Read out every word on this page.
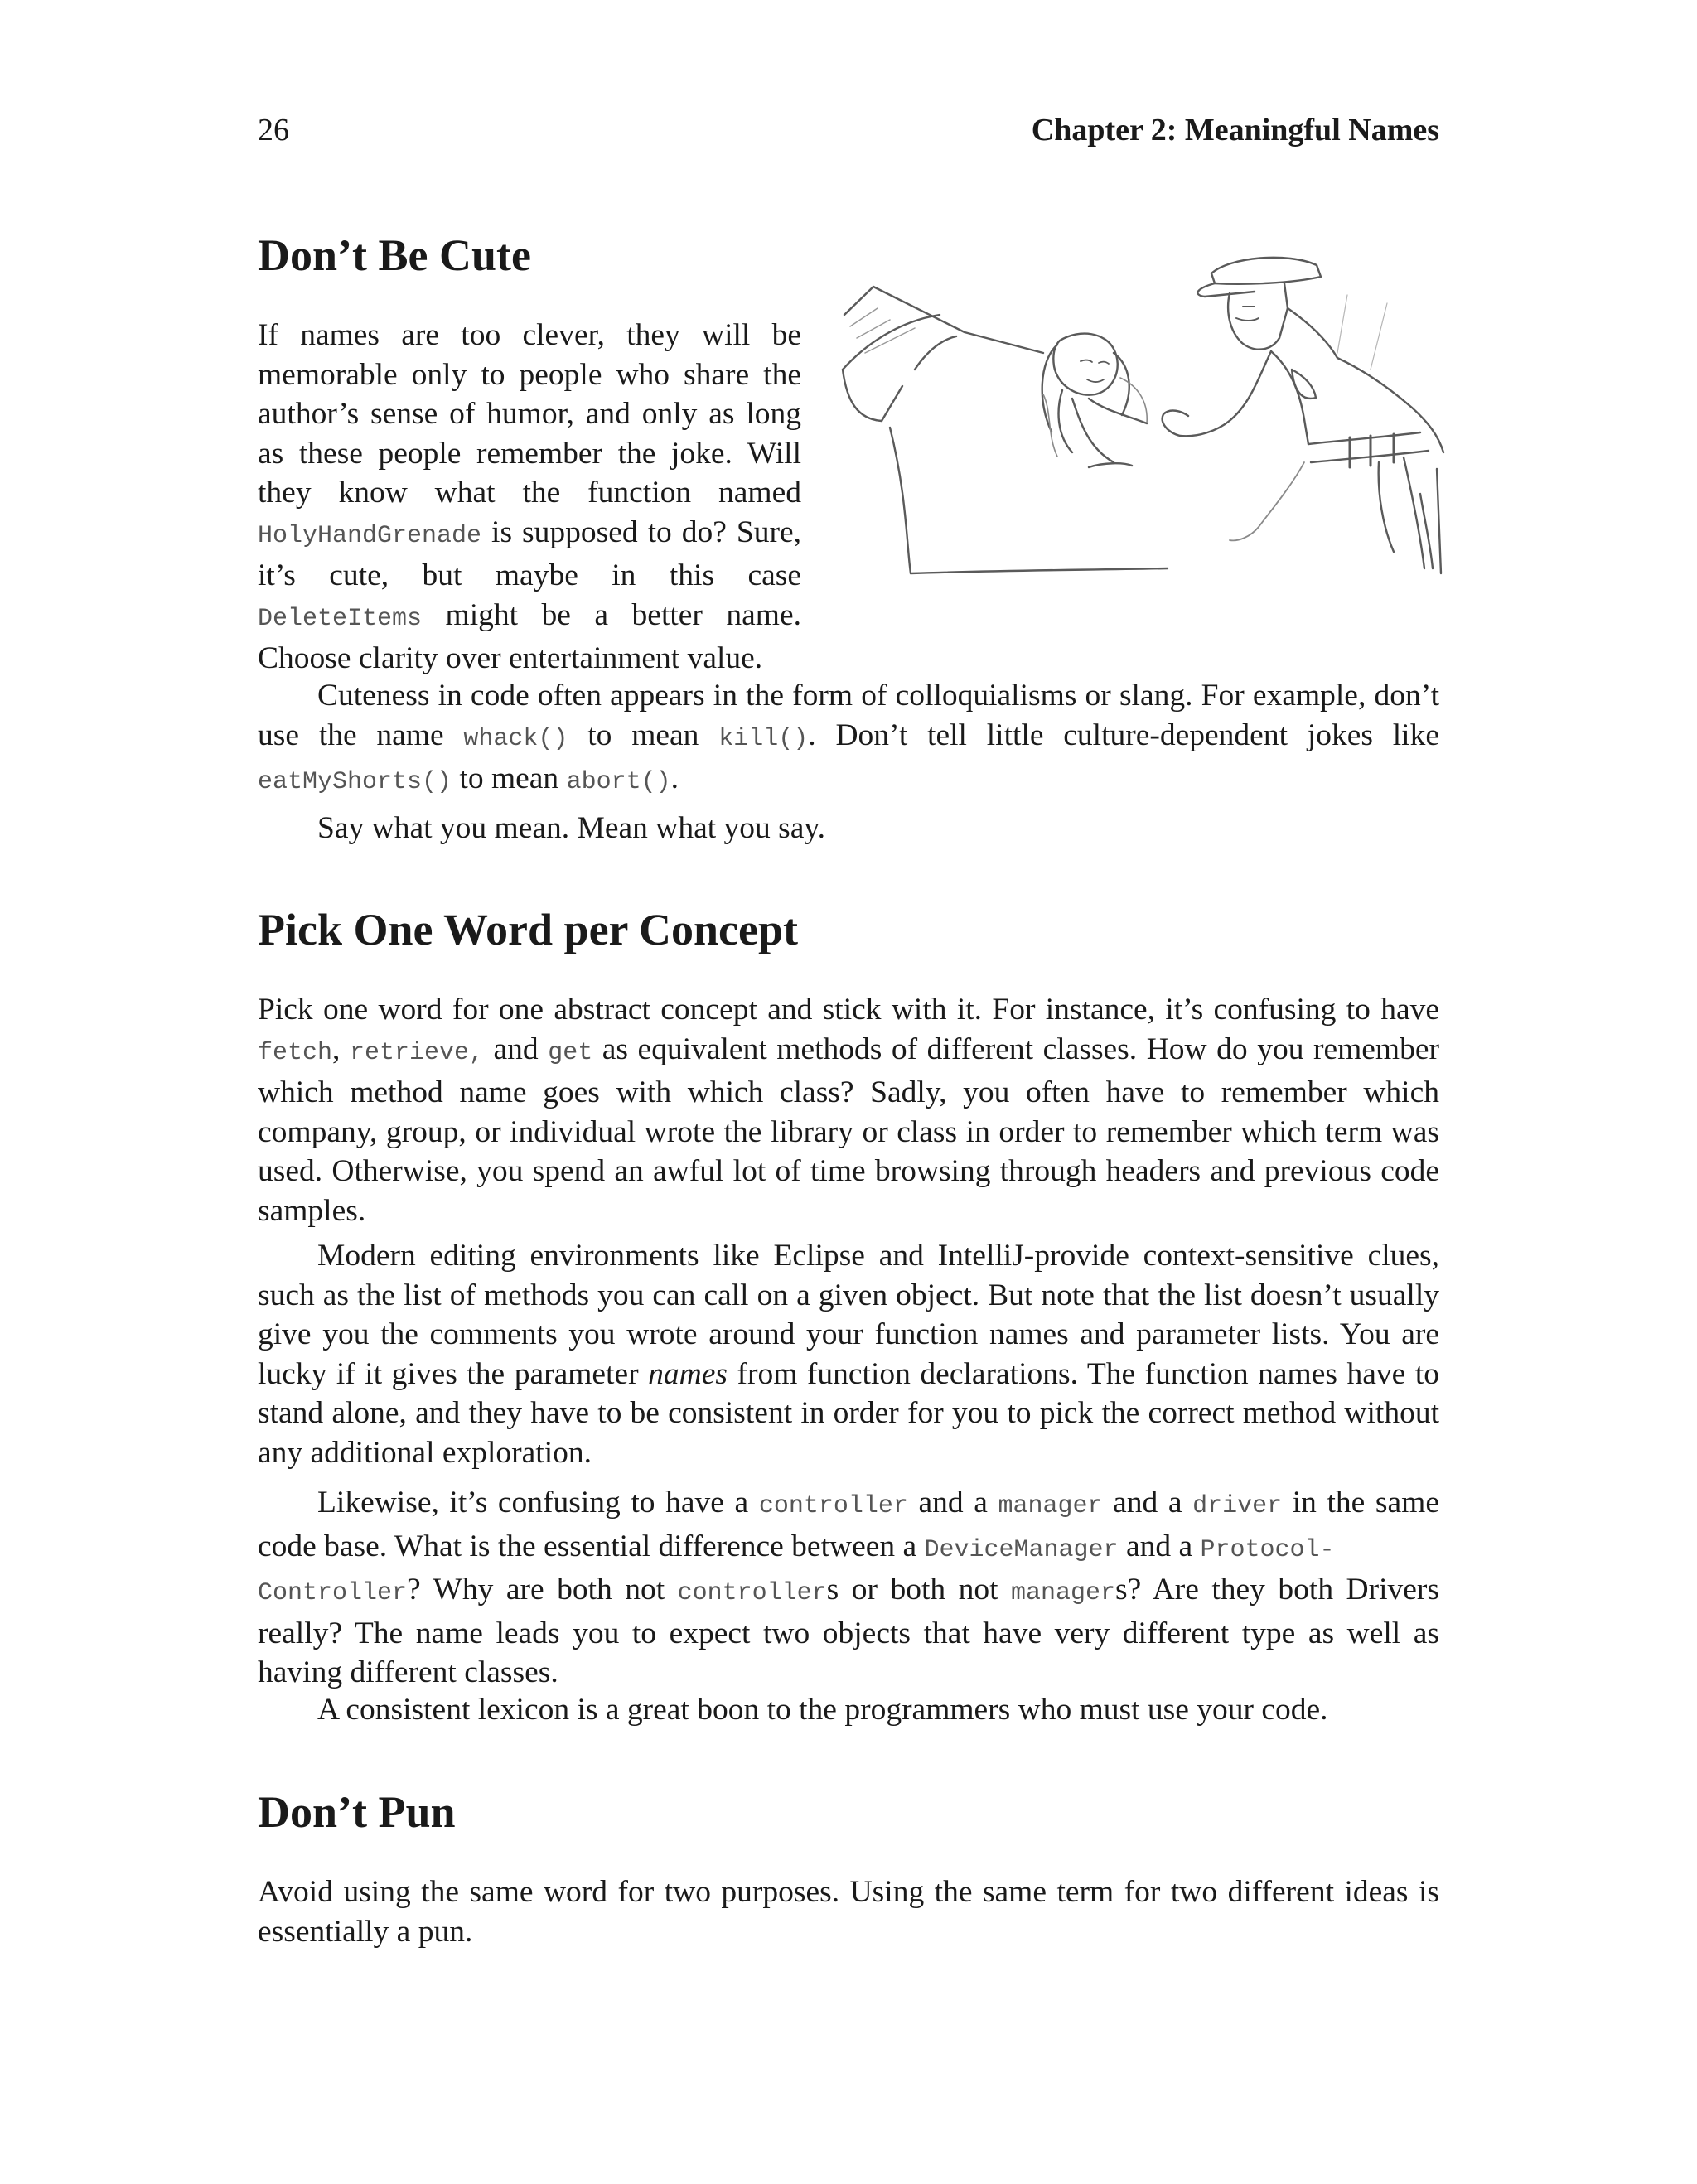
26	Chapter 2: Meaningful Names
Don’t Be Cute

If names are too clever, they will be memorable only to people who share the author’s sense of humor, and only as long as these people remember the joke. Will they know what the function named HolyHandGrenade is supposed to do? Sure, it’s cute, but maybe in this case DeleteItems might be a better name. Choose clarity over entertainment value.

Cuteness in code often appears in the form of colloquialisms or slang. For example, don’t use the name whack() to mean kill(). Don’t tell little culture-dependent jokes like eatMyShorts() to mean abort().

Say what you mean. Mean what you say.

Pick One Word per Concept

Pick one word for one abstract concept and stick with it. For instance, it’s confusing to have fetch, retrieve, and get as equivalent methods of different classes. How do you remember which method name goes with which class? Sadly, you often have to remember which company, group, or individual wrote the library or class in order to remember which term was used. Otherwise, you spend an awful lot of time browsing through headers and previous code samples.

Modern editing environments like Eclipse and IntelliJ-provide context-sensitive clues, such as the list of methods you can call on a given object. But note that the list doesn’t usually give you the comments you wrote around your function names and parameter lists. You are lucky if it gives the parameter names from function declarations. The function names have to stand alone, and they have to be consistent in order for you to pick the correct method without any additional exploration.

Likewise, it’s confusing to have a controller and a manager and a driver in the same code base. What is the essential difference between a DeviceManager and a Protocol-
Controller? Why are both not controllers or both not managers? Are they both Drivers really? The name leads you to expect two objects that have very different type as well as having different classes.

A consistent lexicon is a great boon to the programmers who must use your code.

Don’t Pun

Avoid using the same word for two purposes. Using the same term for two different ideas is essentially a pun.
